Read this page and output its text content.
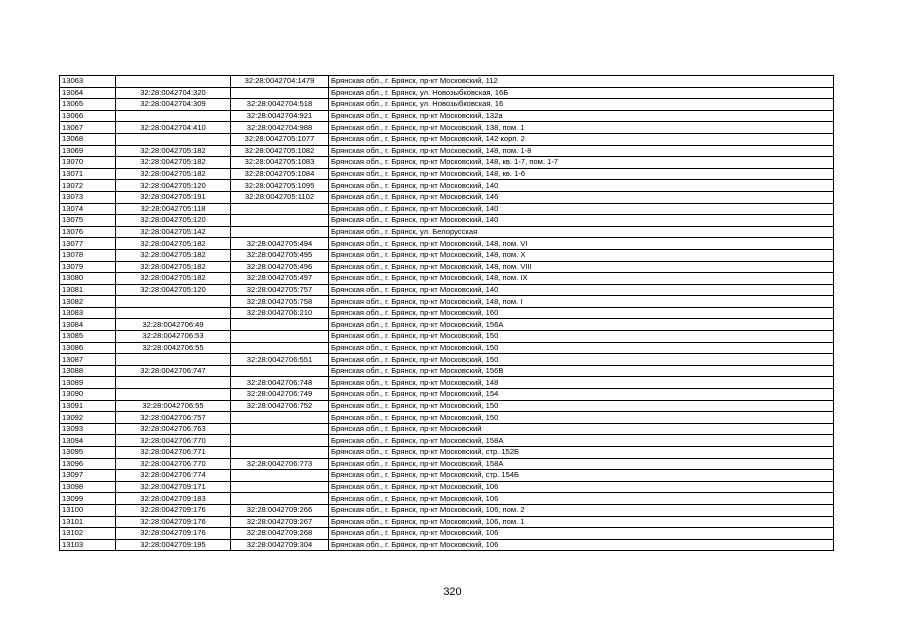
13063		32:28:0042704:1479	Брянская обл., г. Брянск, пр-кт Московский, 112
13064	32:28:0042704:320		Брянская обл., г. Брянск, ул. Новозыбковская, 16Б
13065	32:28:0042704:309	32:28:0042704:518	Брянская обл., г. Брянск, ул. Новозыбковская, 16
13066		32:28:0042704:921	Брянская обл., г. Брянск, пр-кт Московский, 132а
13067	32:28:0042704:410	32:28:0042704:988	Брянская обл., г. Брянск, пр-кт Московский, 138, пом. 1
13068		32:28:0042705:1077	Брянская обл., г. Брянск, пр-кт Московский, 142 корп. 2
13069	32:28:0042705:182	32:28:0042705:1082	Брянская обл., г. Брянск, пр-кт Московский, 148, пом. 1-8
13070	32:28:0042705:182	32:28:0042705:1083	Брянская обл., г. Брянск, пр-кт Московский, 148, кв. 1-7, пом. 1-7
13071	32:28:0042705:182	32:28:0042705:1084	Брянская обл., г. Брянск, пр-кт Московский, 148, кв. 1-6
13072	32:28:0042705:120	32:28:0042705:1095	Брянская обл., г. Брянск, пр-кт Московский, 140
13073	32:28:0042705:191	32:28:0042705:1102	Брянская обл., г. Брянск, пр-кт Московский, 146
13074	32:28:0042705:118		Брянская обл., г. Брянск, пр-кт Московский, 140
13075	32:28:0042705:120		Брянская обл., г. Брянск, пр-кт Московский, 140
13076	32:28:0042705:142		Брянская обл., г. Брянск, ул. Белорусская
13077	32:28:0042705:182	32:28:0042705:494	Брянская обл., г. Брянск, пр-кт Московский, 148, пом. VI
13078	32:28:0042705:182	32:28:0042705:495	Брянская обл., г. Брянск, пр-кт Московский, 148, пом. X
13079	32:28:0042705:182	32:28:0042705:496	Брянская обл., г. Брянск, пр-кт Московский, 148, пом. VIII
13080	32:28:0042705:182	32:28:0042705:497	Брянская обл., г. Брянск, пр-кт Московский, 148, пом. IX
13081	32:28:0042705:120	32:28:0042705:757	Брянская обл., г. Брянск, пр-кт Московский, 140
13082		32:28:0042705:758	Брянская обл., г. Брянск, пр-кт Московский, 148, пом. I
13083		32:28:0042706:210	Брянская обл., г. Брянск, пр-кт Московский, 160
13084	32:28:0042706:49		Брянская обл., г. Брянск, пр-кт Московский, 156А
13085	32:28:0042706:53		Брянская обл., г. Брянск, пр-кт Московский, 150
13086	32:28:0042706:55		Брянская обл., г. Брянск, пр-кт Московский, 150
13087		32:28:0042706:551	Брянская обл., г. Брянск, пр-кт Московский, 150
13088	32:28:0042706:747		Брянская обл., г. Брянск, пр-кт Московский, 156В
13089		32:28:0042706:748	Брянская обл., г. Брянск, пр-кт Московский, 148
13090		32:28:0042706:749	Брянская обл., г. Брянск, пр-кт Московский, 154
13091	32:28:0042706:55	32:28:0042706:752	Брянская обл., г. Брянск, пр-кт Московский, 150
13092	32:28:0042706:757		Брянская обл., г. Брянск, пр-кт Московский, 150
13093	32:28:0042706:763		Брянская обл., г. Брянск, пр-кт Московский
13094	32:28:0042706:770		Брянская обл., г. Брянск, пр-кт Московский, 158А
13095	32:28:0042706:771		Брянская обл., г. Брянск, пр-кт Московский, стр. 152Б
13096	32:28:0042706:770	32:28:0042706:773	Брянская обл., г. Брянск, пр-кт Московский, 158А
13097	32:28:0042706:774		Брянская обл., г. Брянск, пр-кт Московский, стр. 154Б
13098	32:28:0042709:171		Брянская обл., г. Брянск, пр-кт Московский, 106
13099	32:28:0042709:183		Брянская обл., г. Брянск, пр-кт Московский, 106
13100	32:28:0042709:176	32:28:0042709:266	Брянская обл., г. Брянск, пр-кт Московский, 106, пом. 2
13101	32:28:0042709:176	32:28:0042709:267	Брянская обл., г. Брянск, пр-кт Московский, 106, пом. 1
13102	32:28:0042709:176	32:28:0042709:268	Брянская обл., г. Брянск, пр-кт Московский, 106
13103	32:28:0042709:195	32:28:0042709:304	Брянская обл., г. Брянск, пр-кт Московский, 106
320
